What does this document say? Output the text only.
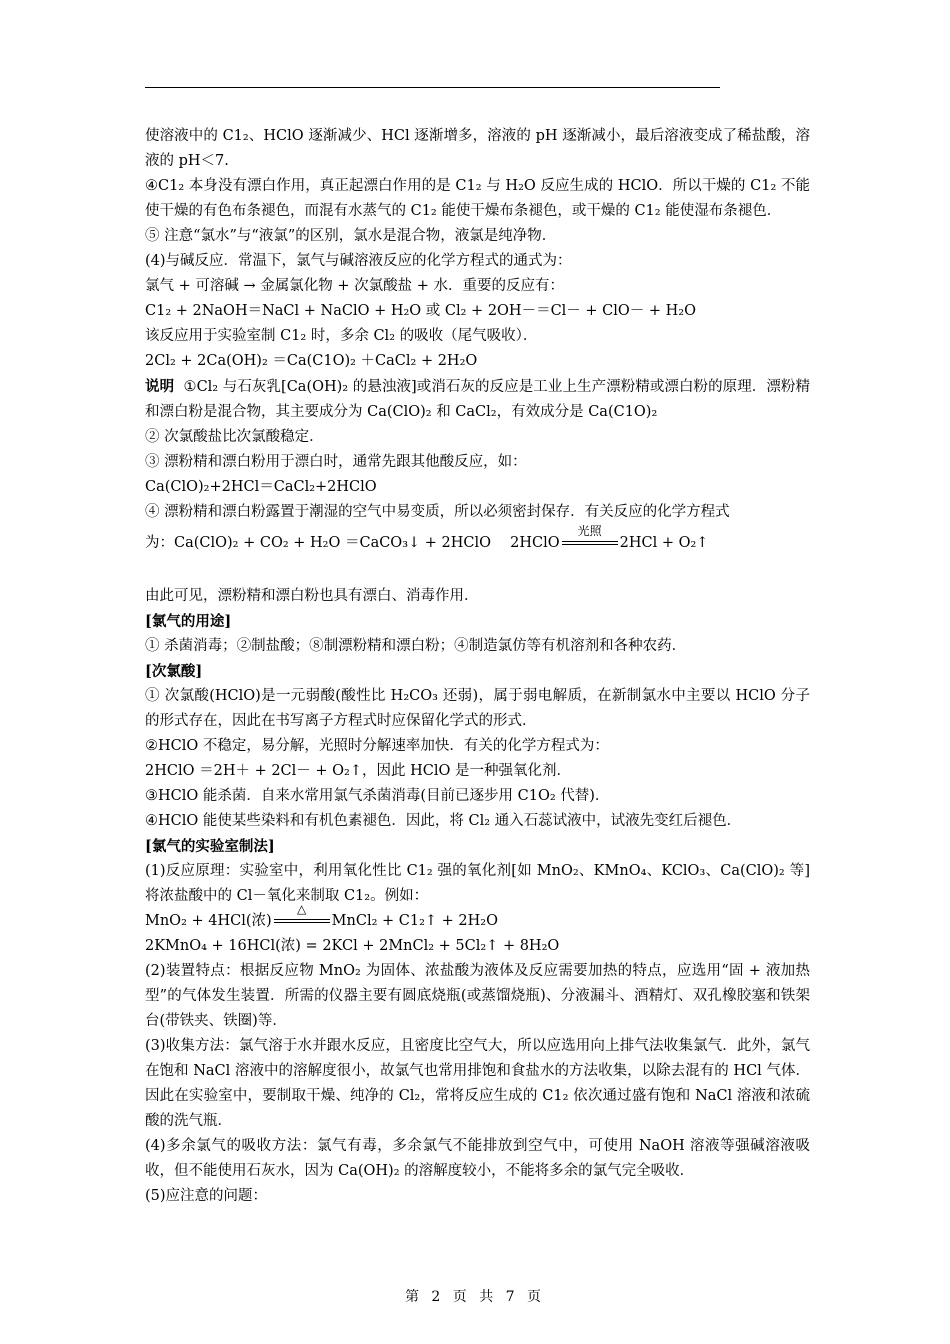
使溶液中的 C1₂、HClO 逐渐减少、HCl 逐渐增多，溶液的 pH 逐渐减小，最后溶液变成了稀盐酸，溶液的 pH＜7.

④C1₂ 本身没有漂白作用，真正起漂白作用的是 C1₂ 与 H₂O 反应生成的 HClO．所以干燥的 C1₂ 不能使干燥的有色布条褪色，而混有水蒸气的 C1₂ 能使干燥布条褪色，或干燥的 C1₂ 能使湿布条褪色．

⑤ 注意“氯水”与“液氯”的区别，氯水是混合物，液氯是纯净物．

(4)与碱反应．常温下，氯气与碱溶液反应的化学方程式的通式为：

氯气 + 可溶碱 → 金属氯化物 + 次氯酸盐 + 水．重要的反应有：

C1₂ + 2NaOH＝NaCl + NaClO + H₂O 或 Cl₂ + 2OH－＝Cl－ + ClO－ + H₂O

该反应用于实验室制 C1₂ 时，多余 Cl₂ 的吸收（尾气吸收）．

2Cl₂ + 2Ca(OH)₂ ＝Ca(C1O)₂ ＋CaCl₂ + 2H₂O

说明 ①Cl₂ 与石灰乳[Ca(OH)₂ 的悬浊液]或消石灰的反应是工业上生产漂粉精或漂白粉的原理．漂粉精和漂白粉是混合物，其主要成分为 Ca(ClO)₂ 和 CaCl₂，有效成分是 Ca(C1O)₂

② 次氯酸盐比次氯酸稳定．

③ 漂粉精和漂白粉用于漂白时，通常先跟其他酸反应，如：

Ca(ClO)₂+2HCl＝CaCl₂+2HClO

④ 漂粉精和漂白粉露置于潮湿的空气中易变质，所以必须密封保存．有关反应的化学方程式

为：Ca(ClO)₂ + CO₂ + H₂O ＝CaCO₃↓ + 2HClO　 2HClO
光照
2HCl + O₂↑

由此可见，漂粉精和漂白粉也具有漂白、消毒作用．

[氯气的用途]

① 杀菌消毒；②制盐酸；⑧制漂粉精和漂白粉；④制造氯仿等有机溶剂和各种农药．

[次氯酸]

① 次氯酸(HClO)是一元弱酸(酸性比 H₂CO₃ 还弱)，属于弱电解质，在新制氯水中主要以 HClO 分子的形式存在，因此在书写离子方程式时应保留化学式的形式．

②HClO 不稳定，易分解，光照时分解速率加快．有关的化学方程式为：

2HClO ＝2H＋ + 2Cl－ + O₂↑，因此 HClO 是一种强氧化剂．

③HClO 能杀菌．自来水常用氯气杀菌消毒(目前已逐步用 C1O₂ 代替)．

④HClO 能使某些染料和有机色素褪色．因此，将 Cl₂ 通入石蕊试液中，试液先变红后褪色．

[氯气的实验室制法]

(1)反应原理：实验室中，利用氧化性比 C1₂ 强的氧化剂[如 MnO₂、KMnO₄、KClO₃、Ca(ClO)₂ 等]将浓盐酸中的 Cl－氧化来制取 C1₂。例如：

MnO₂ + 4HCl(浓)
△
MnCl₂ + C1₂↑ + 2H₂O

2KMnO₄ + 16HCl(浓) = 2KCl + 2MnCl₂ + 5Cl₂↑ + 8H₂O

(2)装置特点：根据反应物 MnO₂ 为固体、浓盐酸为液体及反应需要加热的特点，应选用“固 + 液加热型”的气体发生装置．所需的仪器主要有圆底烧瓶(或蒸馏烧瓶)、分液漏斗、酒精灯、双孔橡胶塞和铁架台(带铁夹、铁圈)等．

(3)收集方法：氯气溶于水并跟水反应，且密度比空气大，所以应选用向上排气法收集氯气．此外，氯气在饱和 NaCl 溶液中的溶解度很小，故氯气也常用排饱和食盐水的方法收集，以除去混有的 HCl 气体．因此在实验室中，要制取干燥、纯净的 Cl₂，常将反应生成的 C1₂ 依次通过盛有饱和 NaCl 溶液和浓硫酸的洗气瓶．

(4)多余氯气的吸收方法：氯气有毒，多余氯气不能排放到空气中，可使用 NaOH 溶液等强碱溶液吸收，但不能使用石灰水，因为 Ca(OH)₂ 的溶解度较小，不能将多余的氯气完全吸收．

(5)应注意的问题：

第 2 页 共 7 页
